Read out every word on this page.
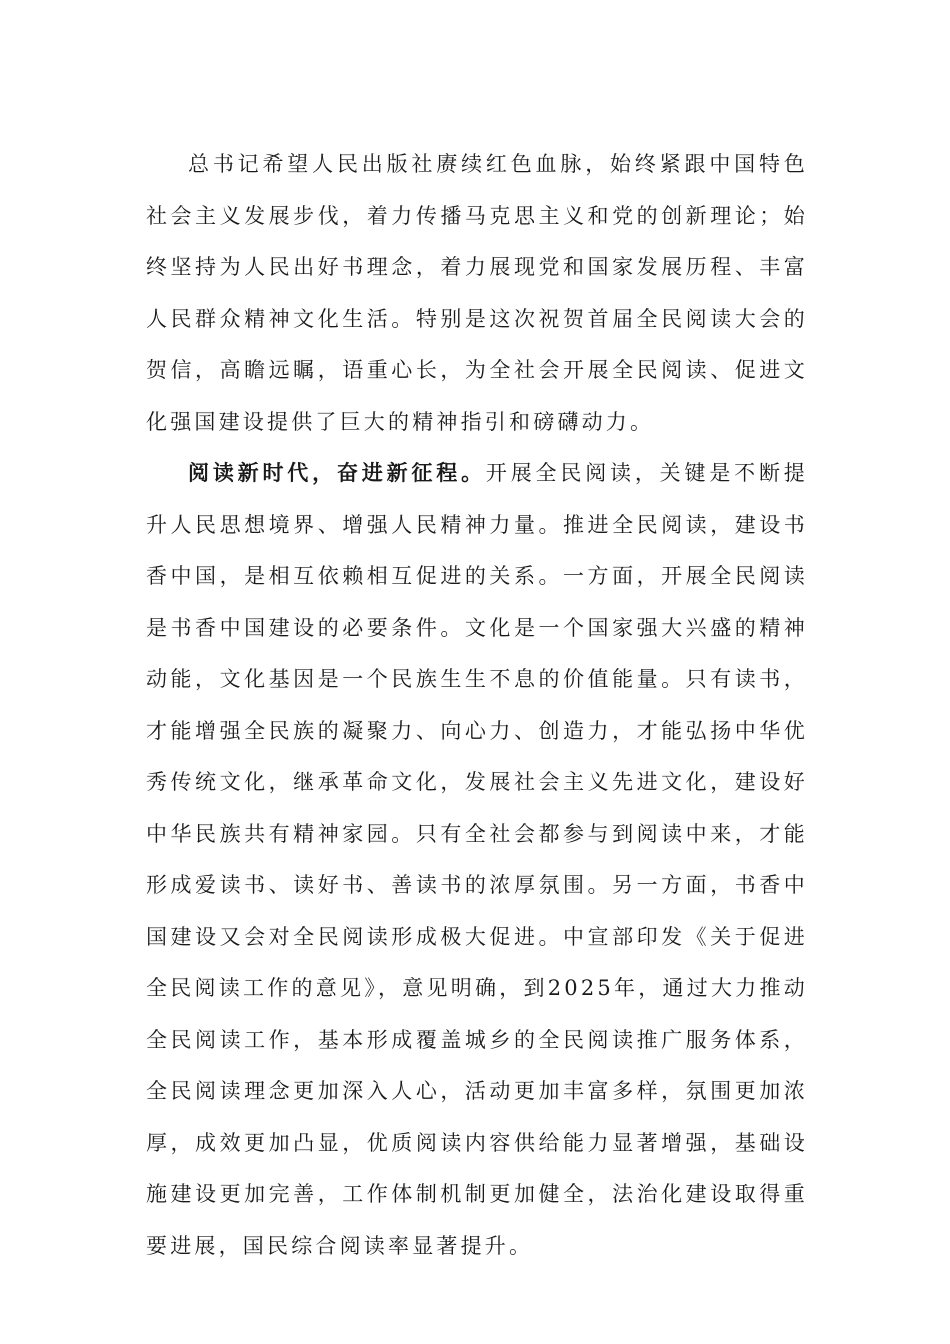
总书记希望人民出版社赓续红色血脉，始终紧跟中国特色社会主义发展步伐，着力传播马克思主义和党的创新理论；始终坚持为人民出好书理念，着力展现党和国家发展历程、丰富人民群众精神文化生活。特别是这次祝贺首届全民阅读大会的贺信，高瞻远瞩，语重心长，为全社会开展全民阅读、促进文化强国建设提供了巨大的精神指引和磅礴动力。

阅读新时代，奋进新征程。开展全民阅读，关键是不断提升人民思想境界、增强人民精神力量。推进全民阅读，建设书香中国，是相互依赖相互促进的关系。一方面，开展全民阅读是书香中国建设的必要条件。文化是一个国家强大兴盛的精神动能，文化基因是一个民族生生不息的价值能量。只有读书，才能增强全民族的凝聚力、向心力、创造力，才能弘扬中华优秀传统文化，继承革命文化，发展社会主义先进文化，建设好中华民族共有精神家园。只有全社会都参与到阅读中来，才能形成爱读书、读好书、善读书的浓厚氛围。另一方面，书香中国建设又会对全民阅读形成极大促进。中宣部印发《关于促进全民阅读工作的意见》，意见明确，到2025年，通过大力推动全民阅读工作，基本形成覆盖城乡的全民阅读推广服务体系，全民阅读理念更加深入人心，活动更加丰富多样，氛围更加浓厚，成效更加凸显，优质阅读内容供给能力显著增强，基础设施建设更加完善，工作体制机制更加健全，法治化建设取得重要进展，国民综合阅读率显著提升。
